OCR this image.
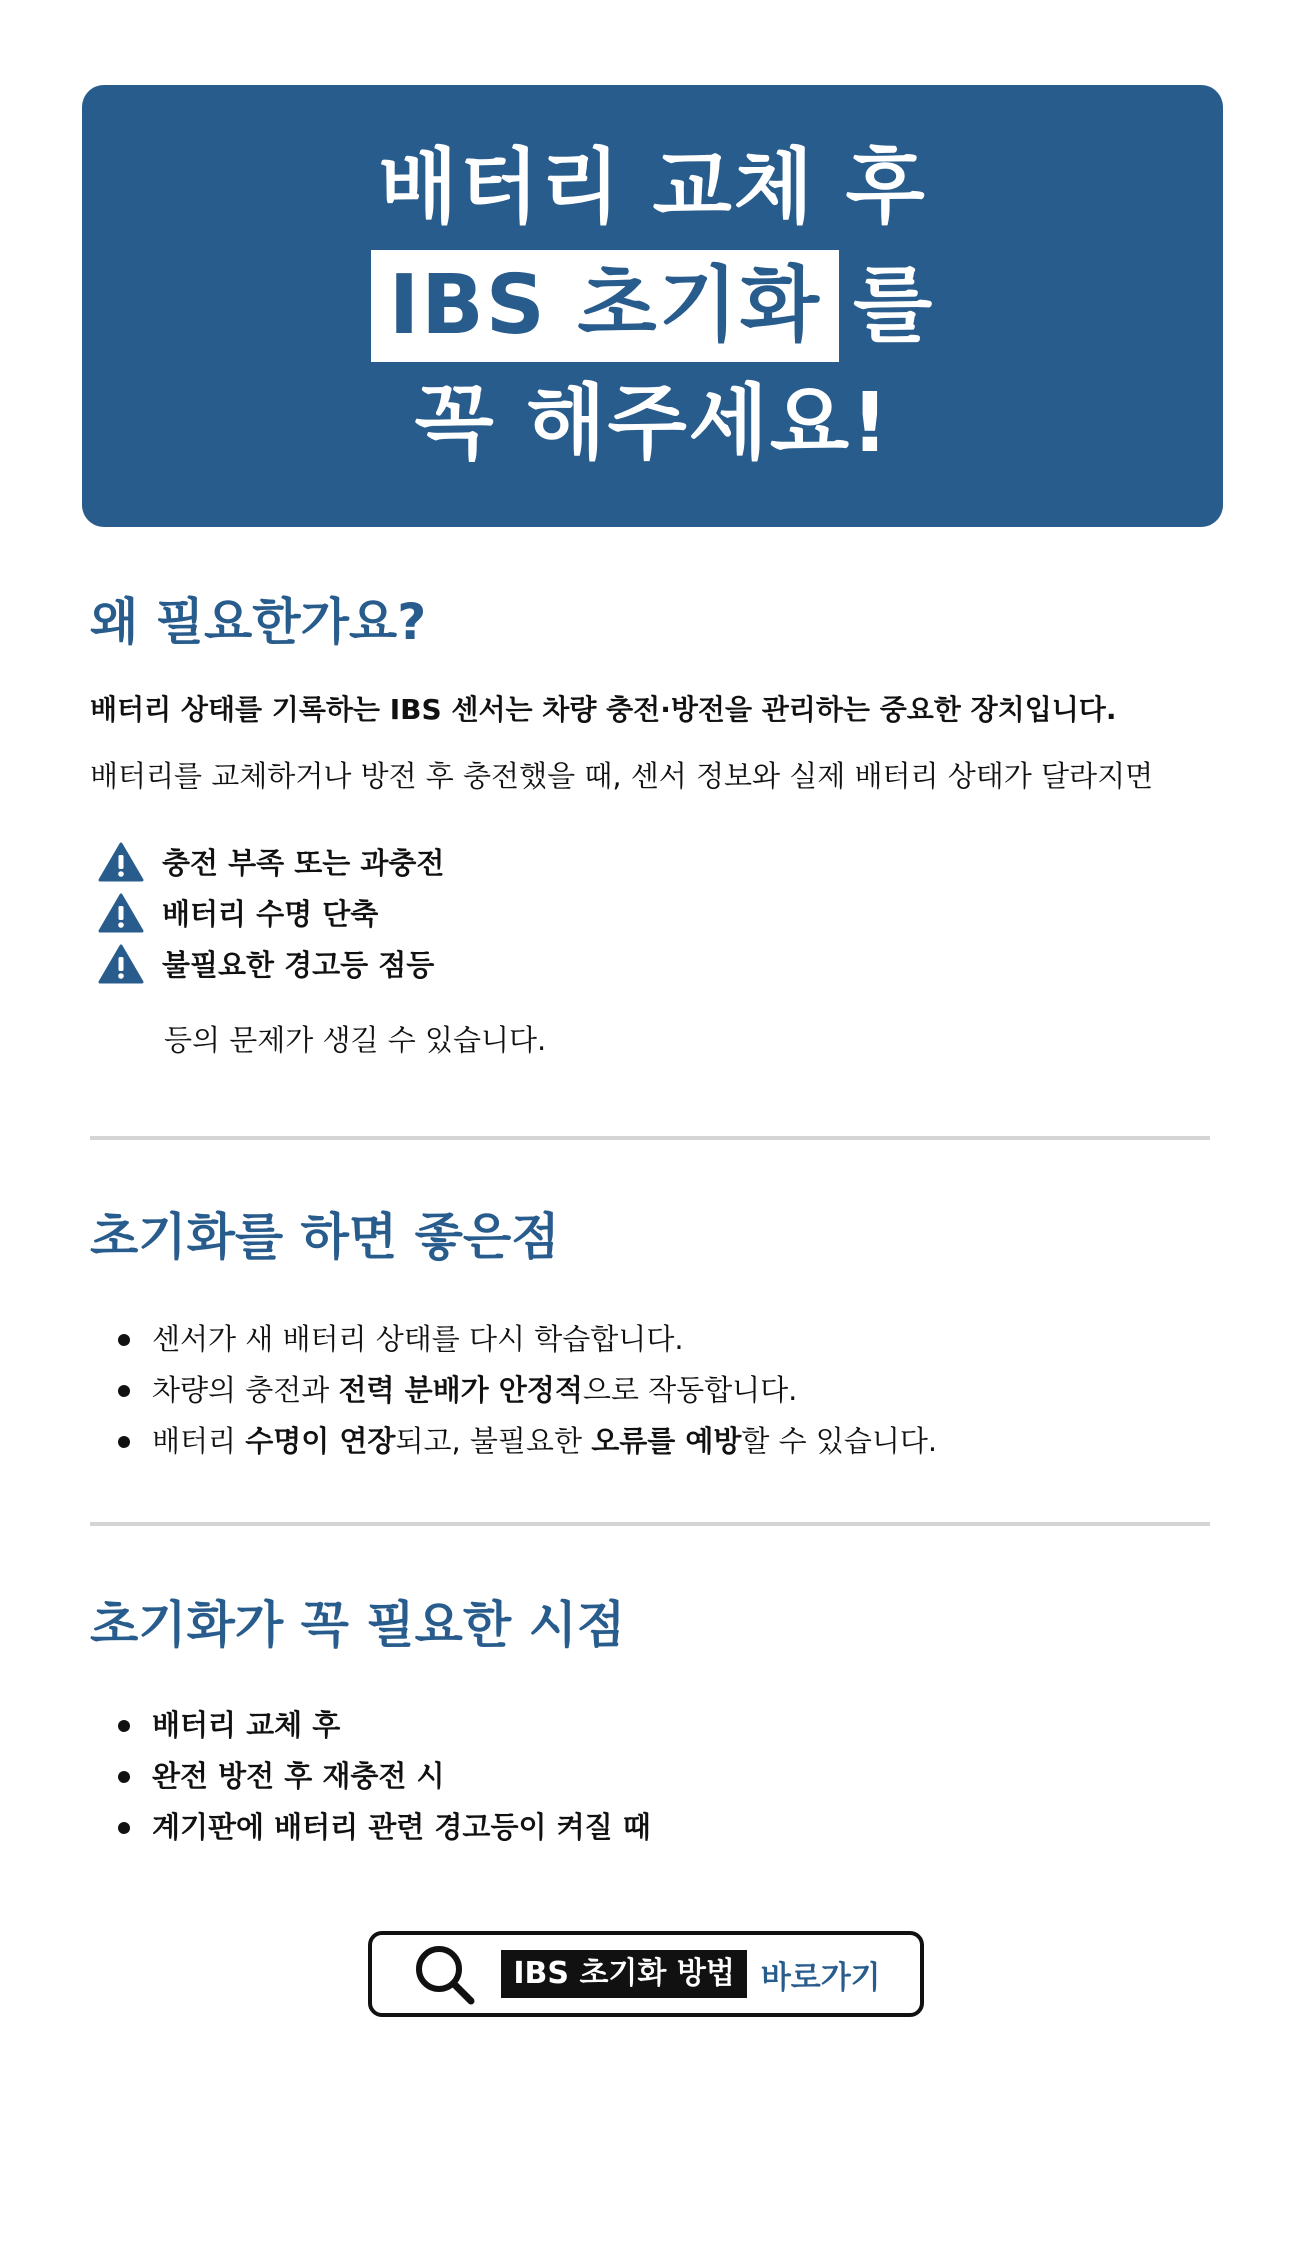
배터리 교체 후
IBS 초기화 를
꼭 해주세요!
왜 필요한가요?

배터리 상태를 기록하는 IBS 센서는 차량 충전·방전을 관리하는 중요한 장치입니다.

배터리를 교체하거나 방전 후 충전했을 때, 센서 정보와 실제 배터리 상태가 달라지면

충전 부족 또는 과충전
배터리 수명 단축
불필요한 경고등 점등

등의 문제가 생길 수 있습니다.

초기화를 하면 좋은점
센서가 새 배터리 상태를 다시 학습합니다.
차량의 충전과 전력 분배가 안정적으로 작동합니다.
배터리 수명이 연장되고, 불필요한 오류를 예방할 수 있습니다.
초기화가 꼭 필요한 시점
배터리 교체 후
완전 방전 후 재충전 시
계기판에 배터리 관련 경고등이 켜질 때
IBS 초기화 방법 바로가기
